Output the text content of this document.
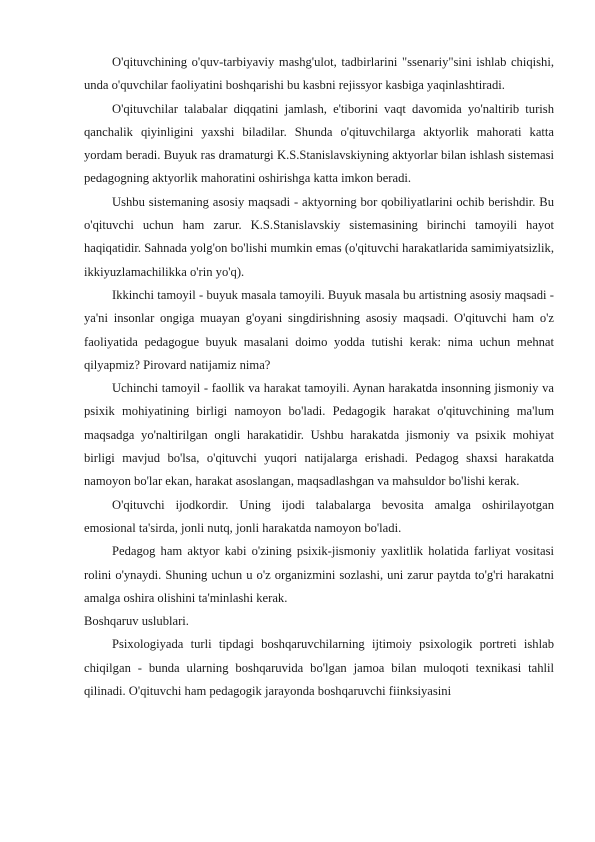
O'qituvchining o'quv-tarbiyaviy mashg'ulot, tadbirlarini "ssenariy"sini ishlab chiqishi, unda o'quvchilar faoliyatini boshqarishi bu kasbni rejissyor kasbiga yaqinlashtiradi.

O'qituvchilar talabalar diqqatini jamlash, e'tiborini vaqt davomida yo'naltirib turish qanchalik qiyinligini yaxshi biladilar. Shunda o'qituvchilarga aktyorlik mahorati katta yordam beradi. Buyuk ras dramaturgi K.S.Stanislavskiyning aktyorlar bilan ishlash sistemasi pedagogning aktyorlik mahoratini oshirishga katta imkon beradi.

Ushbu sistemaning asosiy maqsadi - aktyorning bor qobiliyatlarini ochib berishdir. Bu o'qituvchi uchun ham zarur. K.S.Stanislavskiy sistemasining birinchi tamoyili hayot haqiqatidir. Sahnada yolg'on bo'lishi mumkin emas (o'qituvchi harakatlarida samimiyatsizlik, ikkiyuzlamachilikka o'rin yo'q).

Ikkinchi tamoyil - buyuk masala tamoyili. Buyuk masala bu artistning asosiy maqsadi - ya'ni insonlar ongiga muayan g'oyani singdirishning asosiy maqsadi. O'qituvchi ham o'z faoliyatida pedagogue buyuk masalani doimo yodda tutishi kerak: nima uchun mehnat qilyapmiz? Pirovard natijamiz nima?

Uchinchi tamoyil - faollik va harakat tamoyili. Aynan harakatda insonning jismoniy va psixik mohiyatining birligi namoyon bo'ladi. Pedagogik harakat o'qituvchining ma'lum maqsadga yo'naltirilgan ongli harakatidir. Ushbu harakatda jismoniy va psixik mohiyat birligi mavjud bo'lsa, o'qituvchi yuqori natijalarga erishadi. Pedagog shaxsi harakatda namoyon bo'lar ekan, harakat asoslangan, maqsadlashgan va mahsuldor bo'lishi kerak.

O'qituvchi ijodkordir. Uning ijodi talabalarga bevosita amalga oshirilayotgan emosional ta'sirda, jonli nutq, jonli harakatda namoyon bo'ladi.

Pedagog ham aktyor kabi o'zining psixik-jismoniy yaxlitlik holatida farliyat vositasi rolini o'ynaydi. Shuning uchun u o'z organizmini sozlashi, uni zarur paytda to'g'ri harakatni amalga oshira olishini ta'minlashi kerak.

Boshqaruv uslublari.

Psixologiyada turli tipdagi boshqaruvchilarning ijtimoiy psixologik portreti ishlab chiqilgan - bunda ularning boshqaruvida bo'lgan jamoa bilan muloqoti texnikasi tahlil qilinadi. O'qituvchi ham pedagogik jarayonda boshqaruvchi fiinksiyasini
